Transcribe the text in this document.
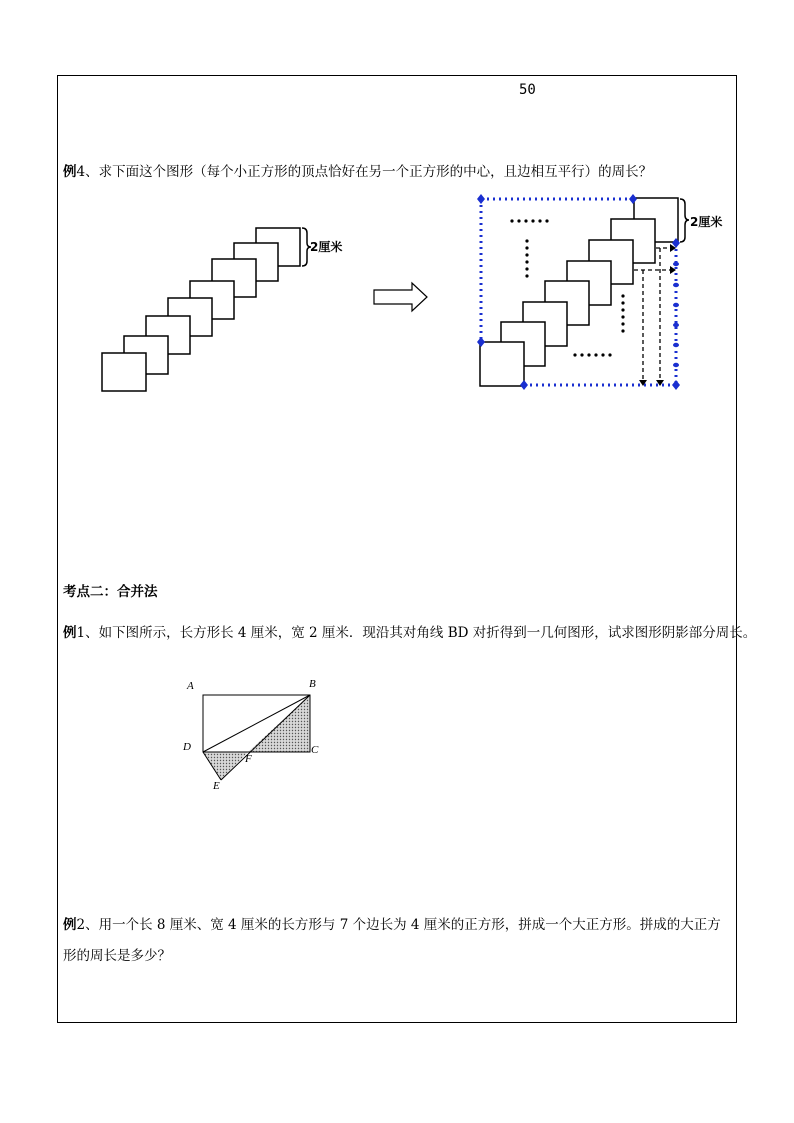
50
例4、求下面这个图形（每个小正方形的顶点恰好在另一个正方形的中心，且边相互平行）的周长？
2厘米
2厘米
考点二：合并法
例1、如下图所示，长方形长 4 厘米，宽 2 厘米．现沿其对角线 BD 对折得到一几何图形，试求图形阴影部分周长。
A	B
C
D
E
F
例2、用一个长 8 厘米、宽 4 厘米的长方形与 7 个边长为 4 厘米的正方形，拼成一个大正方形。拼成的大正方
形的周长是多少？
